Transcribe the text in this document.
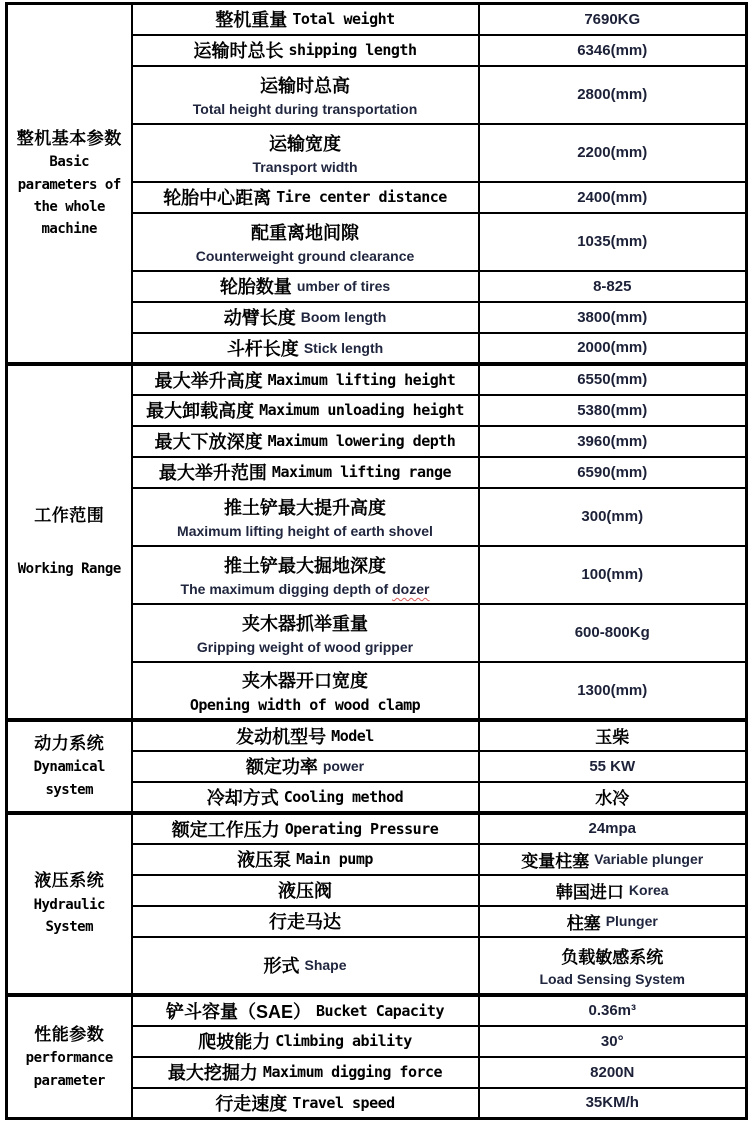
整机基本参数
Basic
parameters of
the whole
machine

整机重量 Total weight	7690KG

	运输时总长 shipping length	6346(mm)

	运输时总高
Total height during transportation	2800(mm)

	运输宽度
Transport width	2200(mm)

	轮胎中心距离 Tire center distance	2400(mm)

	配重离地间隙
Counterweight ground clearance	1035(mm)

	轮胎数量 umber of tires	8-825

	动臂长度 Boom length	3800(mm)

	斗杆长度 Stick length	2000(mm)

工作范围
Working Range

最大举升高度 Maximum lifting height	6550(mm)

	最大卸载高度 Maximum unloading height	5380(mm)

	最大下放深度 Maximum lowering depth	3960(mm)

	最大举升范围 Maximum lifting range	6590(mm)

	推土铲最大提升高度
Maximum lifting height of earth shovel	300(mm)

	推土铲最大掘地深度
The maximum digging depth of dozer	100(mm)

	夹木器抓举重量
Gripping weight of wood gripper	600-800Kg

	夹木器开口宽度
Opening width of wood clamp	1300(mm)

动力系统
Dynamical
system

发动机型号 Model	玉柴

	额定功率 power	55 KW

	冷却方式 Cooling method	水冷

液压系统
Hydraulic
System

额定工作压力 Operating Pressure	24mpa

	液压泵 Main pump	变量柱塞 Variable plunger

	液压阀	韩国进口 Korea

	行走马达	柱塞 Plunger

形式 Shape	负载敏感系统
Load Sensing System

性能参数
performance
parameter

铲斗容量（SAE） Bucket Capacity	0.36m³

	爬坡能力 Climbing ability	30°

	最大挖掘力 Maximum digging force	8200N

	行走速度 Travel speed	35KM/h
